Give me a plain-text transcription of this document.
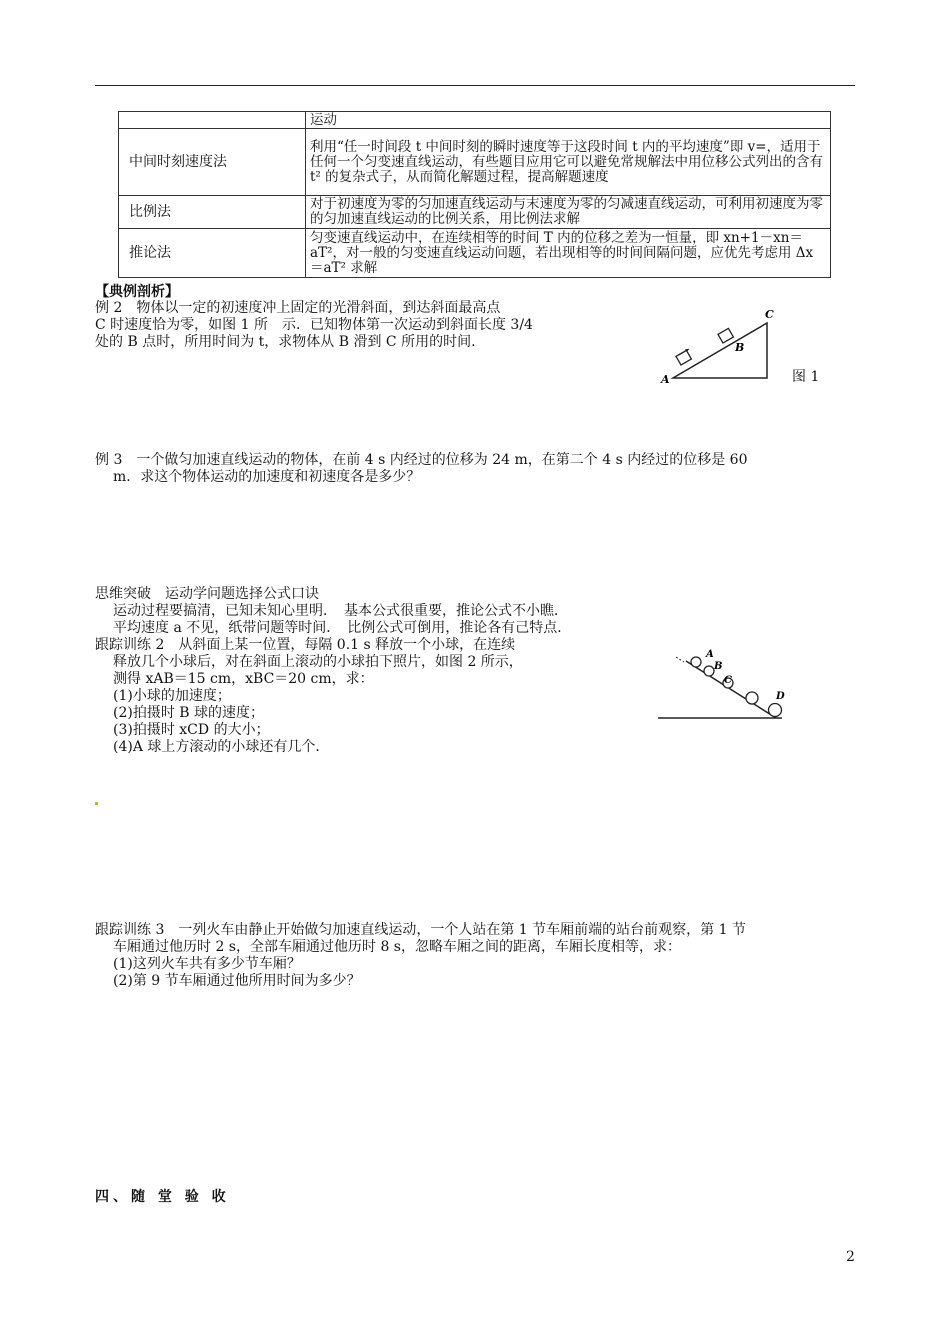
	运动
中间时刻速度法	利用“任一时间段 t 中间时刻的瞬时速度等于这段时间 t 内的平均速度”即 v=，适用于任何一个匀变速直线运动，有些题目应用它可以避免常规解法中用位移公式列出的含有 t² 的复杂式子，从而简化解题过程，提高解题速度
比例法	对于初速度为零的匀加速直线运动与末速度为零的匀减速直线运动，可利用初速度为零的匀加速直线运动的比例关系，用比例法求解
推论法	匀变速直线运动中，在连续相等的时间 T 内的位移之差为一恒量，即 xn+1－xn＝aT²，对一般的匀变速直线运动问题，若出现相等的时间间隔问题，应优先考虑用 Δx＝aT² 求解
【典例剖析】
例 2　物体以一定的初速度冲上固定的光滑斜面，到达斜面最高点
C 时速度恰为零，如图 1 所　示．已知物体第一次运动到斜面长度 3/4
处的 B 点时，所用时间为 t，求物体从 B 滑到 C 所用的时间.
A
B
C
图 1
例 3　一个做匀加速直线运动的物体，在前 4 s 内经过的位移为 24 m，在第二个 4 s 内经过的位移是 60
m．求这个物体运动的加速度和初速度各是多少？
思维突破　运动学问题选择公式口诀
运动过程要搞清，已知未知心里明．　基本公式很重要，推论公式不小瞧．
平均速度 a 不见，纸带问题等时间．　比例公式可倒用，推论各有己特点．
跟踪训练 2　从斜面上某一位置，每隔 0.1 s 释放一个小球，在连续
释放几个小球后，对在斜面上滚动的小球拍下照片，如图 2 所示，
测得 xAB＝15 cm，xBC＝20 cm，求：
(1)小球的加速度；
(2)拍摄时 B 球的速度；
(3)拍摄时 xCD 的大小；
(4)A 球上方滚动的小球还有几个．
A
B
C
D
跟踪训练 3　一列火车由静止开始做匀加速直线运动，一个人站在第 1 节车厢前端的站台前观察，第 1 节
车厢通过他历时 2 s，全部车厢通过他历时 8 s，忽略车厢之间的距离，车厢长度相等，求：
(1)这列火车共有多少节车厢？
(2)第 9 节车厢通过他所用时间为多少？
四、随 堂 验 收
2
